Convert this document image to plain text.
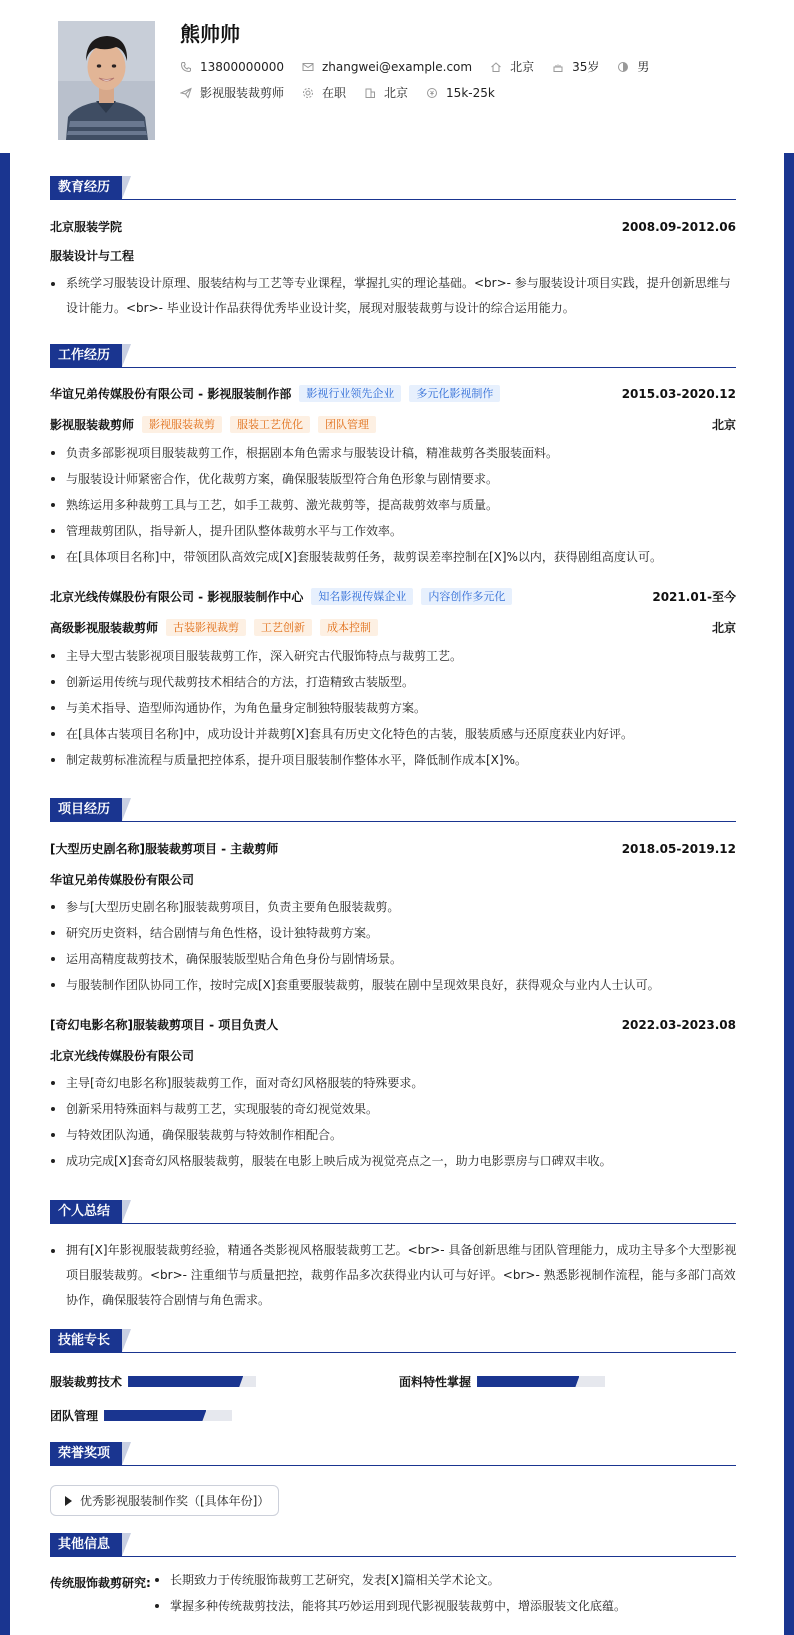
熊帅帅
13800000000	zhangwei@example.com	北京	35岁	男
影视服装裁剪师	在职	北京	15k-25k
教育经历
北京服装学院	2008.09-2012.06
服装设计与工程
系统学习服装设计原理、服装结构与工艺等专业课程，掌握扎实的理论基础。<br>- 参与服装设计项目实践，提升创新思维与设计能力。<br>- 毕业设计作品获得优秀毕业设计奖，展现对服装裁剪与设计的综合运用能力。
工作经历
华谊兄弟传媒股份有限公司 - 影视服装制作部	影视行业领先企业	多元化影视制作	2015.03-2020.12
影视服装裁剪师	影视服装裁剪	服装工艺优化	团队管理	北京
负责多部影视项目服装裁剪工作，根据剧本角色需求与服装设计稿，精准裁剪各类服装面料。
与服装设计师紧密合作，优化裁剪方案，确保服装版型符合角色形象与剧情要求。
熟练运用多种裁剪工具与工艺，如手工裁剪、激光裁剪等，提高裁剪效率与质量。
管理裁剪团队，指导新人，提升团队整体裁剪水平与工作效率。
在[具体项目名称]中，带领团队高效完成[X]套服装裁剪任务，裁剪误差率控制在[X]%以内，获得剧组高度认可。
北京光线传媒股份有限公司 - 影视服装制作中心	知名影视传媒企业	内容创作多元化	2021.01-至今
高级影视服装裁剪师	古装影视裁剪	工艺创新	成本控制	北京
主导大型古装影视项目服装裁剪工作，深入研究古代服饰特点与裁剪工艺。
创新运用传统与现代裁剪技术相结合的方法，打造精致古装版型。
与美术指导、造型师沟通协作，为角色量身定制独特服装裁剪方案。
在[具体古装项目名称]中，成功设计并裁剪[X]套具有历史文化特色的古装，服装质感与还原度获业内好评。
制定裁剪标准流程与质量把控体系，提升项目服装制作整体水平，降低制作成本[X]%。
项目经历
[大型历史剧名称]服装裁剪项目 - 主裁剪师	2018.05-2019.12
华谊兄弟传媒股份有限公司
参与[大型历史剧名称]服装裁剪项目，负责主要角色服装裁剪。
研究历史资料，结合剧情与角色性格，设计独特裁剪方案。
运用高精度裁剪技术，确保服装版型贴合角色身份与剧情场景。
与服装制作团队协同工作，按时完成[X]套重要服装裁剪，服装在剧中呈现效果良好，获得观众与业内人士认可。
[奇幻电影名称]服装裁剪项目 - 项目负责人	2022.03-2023.08
北京光线传媒股份有限公司
主导[奇幻电影名称]服装裁剪工作，面对奇幻风格服装的特殊要求。
创新采用特殊面料与裁剪工艺，实现服装的奇幻视觉效果。
与特效团队沟通，确保服装裁剪与特效制作相配合。
成功完成[X]套奇幻风格服装裁剪，服装在电影上映后成为视觉亮点之一，助力电影票房与口碑双丰收。
个人总结
拥有[X]年影视服装裁剪经验，精通各类影视风格服装裁剪工艺。<br>- 具备创新思维与团队管理能力，成功主导多个大型影视项目服装裁剪。<br>- 注重细节与质量把控，裁剪作品多次获得业内认可与好评。<br>- 熟悉影视制作流程，能与多部门高效协作，确保服装符合剧情与角色需求。
技能专长
服装裁剪技术	面料特性掌握
团队管理
荣誉奖项
优秀影视服装制作奖（[具体年份]）
其他信息
传统服饰裁剪研究:	长期致力于传统服饰裁剪工艺研究，发表[X]篇相关学术论文。
掌握多种传统裁剪技法，能将其巧妙运用到现代影视服装裁剪中，增添服装文化底蕴。
